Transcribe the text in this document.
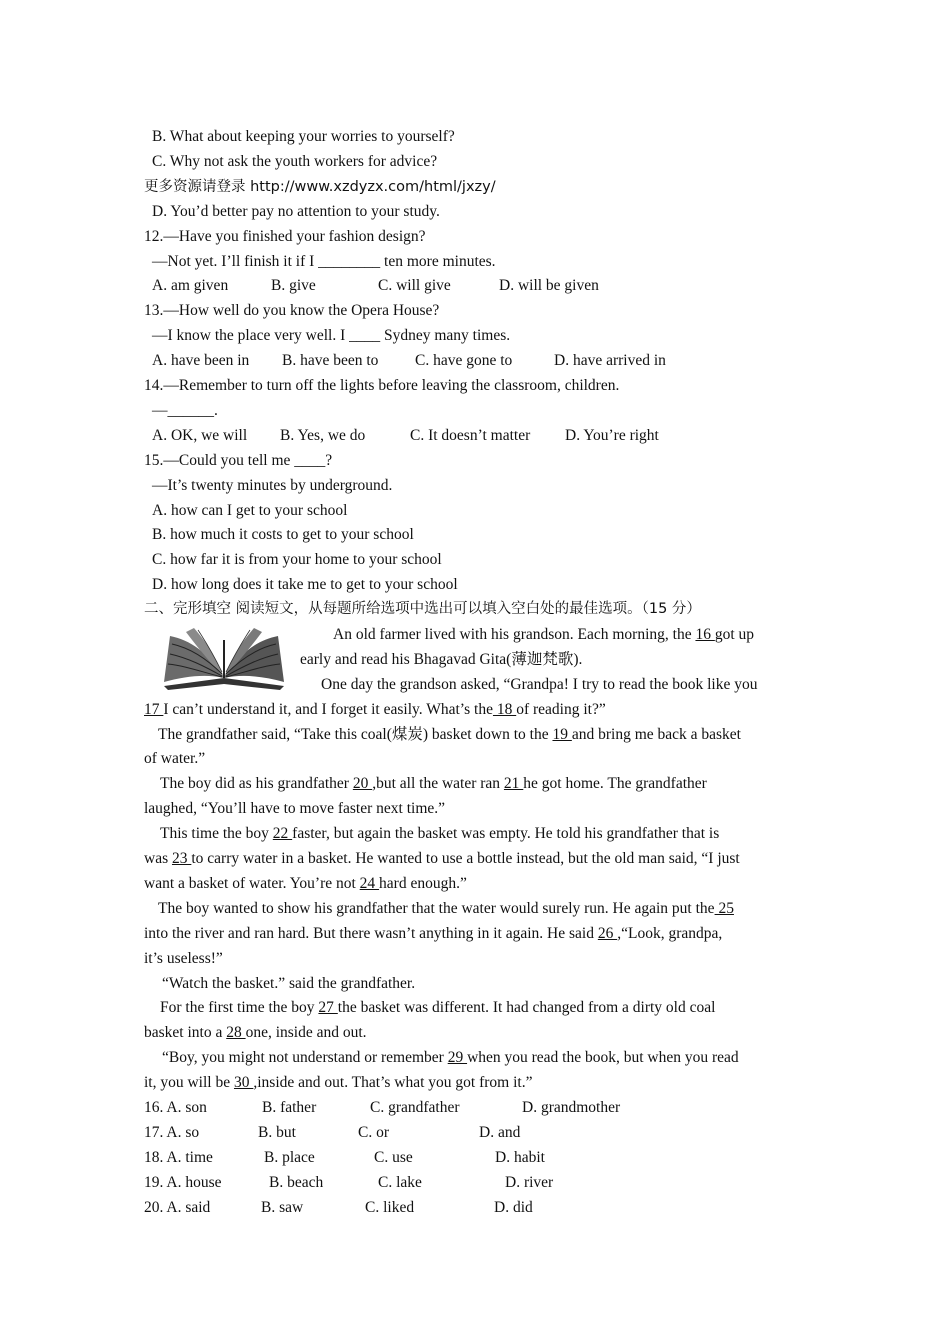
B. What about keeping your worries to yourself?
C. Why not ask the youth workers for advice?
更多资源请登录 http://www.xzdyzx.com/html/jxzy/
D. You’d better pay no attention to your study.
12.—Have you finished your fashion design?
—Not yet. I’ll finish it if I ________ ten more minutes.
A. am given	B. give	C. will give	D. will be given
13.—How well do you know the Opera House?
—I know the place very well. I ____ Sydney many times.
A. have been in B. have been to C. have gone to	D. have arrived in
14.—Remember to turn off the lights before leaving the classroom, children.
—______.
A. OK, we will B. Yes, we do	C. It doesn’t matter D. You’re right
15.—Could you tell me ____?
—It’s twenty minutes by underground.
A. how can I get to your school
B. how much it costs to get to your school
C. how far it is from your home to your school
D. how long does it take me to get to your school
二、完形填空 阅读短文，从每题所给选项中选出可以填入空白处的最佳选项。（15 分）
An old farmer lived with his grandson. Each morning, the 16 got up
early and read his Bhagavad Gita(薄迦梵歌).
One day the grandson asked, “Grandpa! I try to read the book like you
17 I can’t understand it, and I forget it easily. What’s the 18 of reading it?”
The grandfather said, “Take this coal(煤炭) basket down to the 19 and bring me back a basket
of water.”
The boy did as his grandfather 20 ,but all the water ran 21 he got home. The grandfather
laughed, “You’ll have to move faster next time.”
This time the boy 22 faster, but again the basket was empty. He told his grandfather that is
was 23 to carry water in a basket. He wanted to use a bottle instead, but the old man said, “I just
want a basket of water. You’re not 24 hard enough.”
The boy wanted to show his grandfather that the water would surely run. He again put the 25
into the river and ran hard. But there wasn’t anything in it again. He said 26 ,“Look, grandpa,
it’s useless!”
“Watch the basket.” said the grandfather.
For the first time the boy 27 the basket was different. It had changed from a dirty old coal
basket into a 28 one, inside and out.
“Boy, you might not understand or remember 29 when you read the book, but when you read
it, you will be 30 ,inside and out. That’s what you got from it.”
16. A. son	B. father	C. grandfather	D. grandmother
17. A. so	B. but	C. or	D. and
18. A. time	B. place	C. use	D. habit
19. A. house	B. beach	C. lake	D. river
20. A. said	B. saw	C. liked	D. did
